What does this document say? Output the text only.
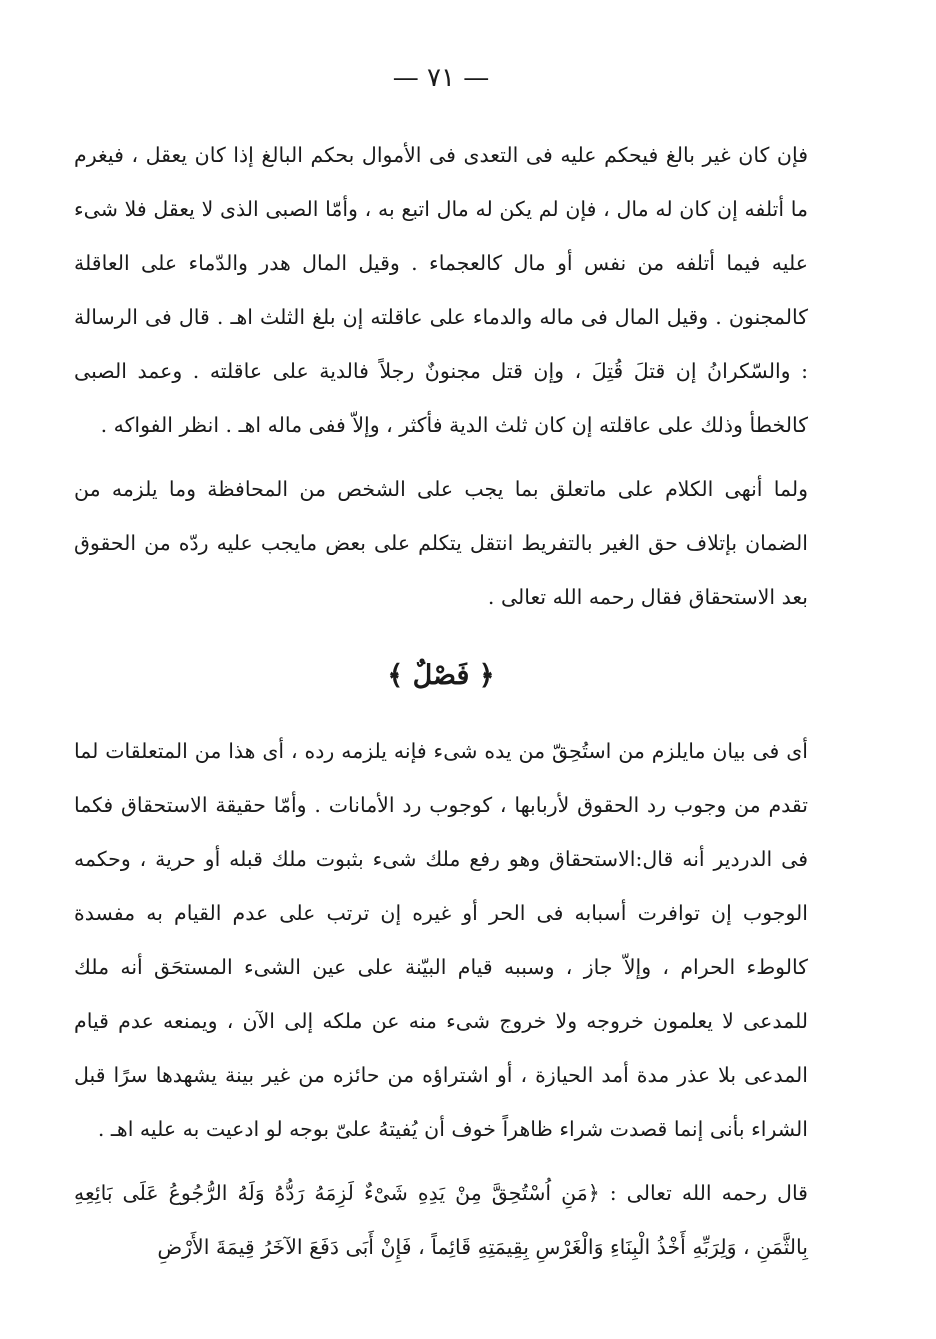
— ٧١ —

فإن كان غير بالغ فيحكم عليه فى التعدى فى الأموال بحكم البالغ إذا كان يعقل ، فيغرم ما أتلفه إن كان له مال ، فإن لم يكن له مال اتبع به ، وأمّا الصبى الذى لا يعقل فلا شىء عليه فيما أتلفه من نفس أو مال كالعجماء . وقيل المال هدر والدّماء على العاقلة كالمجنون . وقيل المال فى ماله والدماء على عاقلته إن بلغ الثلث اهـ . قال فى الرسالة : والسّكرانُ إن قتلَ قُتِلَ ، وإن قتل مجنونٌ رجلاً فالدية على عاقلته . وعمد الصبى كالخطأ وذلك على عاقلته إن كان ثلث الدية فأكثر ، وإلاّ ففى ماله اهـ . انظر الفواكه .

ولما أنهى الكلام على ماتعلق بما يجب على الشخص من المحافظة وما يلزمه من الضمان بإتلاف حق الغير بالتفريط انتقل يتكلم على بعض مايجب عليه ردّه من الحقوق بعد الاستحقاق فقال رحمه الله تعالى .

﴿ فَصْلٌ ﴾

أى فى بيان مايلزم من استُحِقّ من يده شىء فإنه يلزمه رده ، أى هذا من المتعلقات لما تقدم من وجوب رد الحقوق لأربابها ، كوجوب رد الأمانات . وأمّا حقيقة الاستحقاق فكما فى الدردير أنه قال:الاستحقاق وهو رفع ملك شىء بثبوت ملك قبله أو حرية ، وحكمه الوجوب إن توافرت أسبابه فى الحر أو غيره إن ترتب على عدم القيام به مفسدة كالوطء الحرام ، وإلاّ جاز ، وسببه قيام البيّنة على عين الشىء المستحَق أنه ملك للمدعى لا يعلمون خروجه ولا خروج شىء منه عن ملكه إلى الآن ، ويمنعه عدم قيام المدعى بلا عذر مدة أمد الحيازة ، أو اشتراؤه من حائزه من غير بينة يشهدها سرًا قبل الشراء بأنى إنما قصدت شراء ظاهراً خوف أن يُفيتهُ علىّ بوجه لو ادعيت به عليه اهـ .

قال رحمه الله تعالى : ﴿مَنِ اُسْتُحِقَّ مِنْ يَدِهِ شَىْءٌ لَزِمَهُ رَدُّهُ وَلَهُ الرُّجُوعُ عَلَى بَائِعِهِ بِالثَّمَنِ ، وَلِرَبِّهِ أَخْذُ الْبِنَاءِ وَالْغَرْسِ بِقِيمَتِهِ قَائِماً ، فَإِنْ أَبَى دَفَعَ الآخَرُ قِيمَةَ الأَرْضِ
